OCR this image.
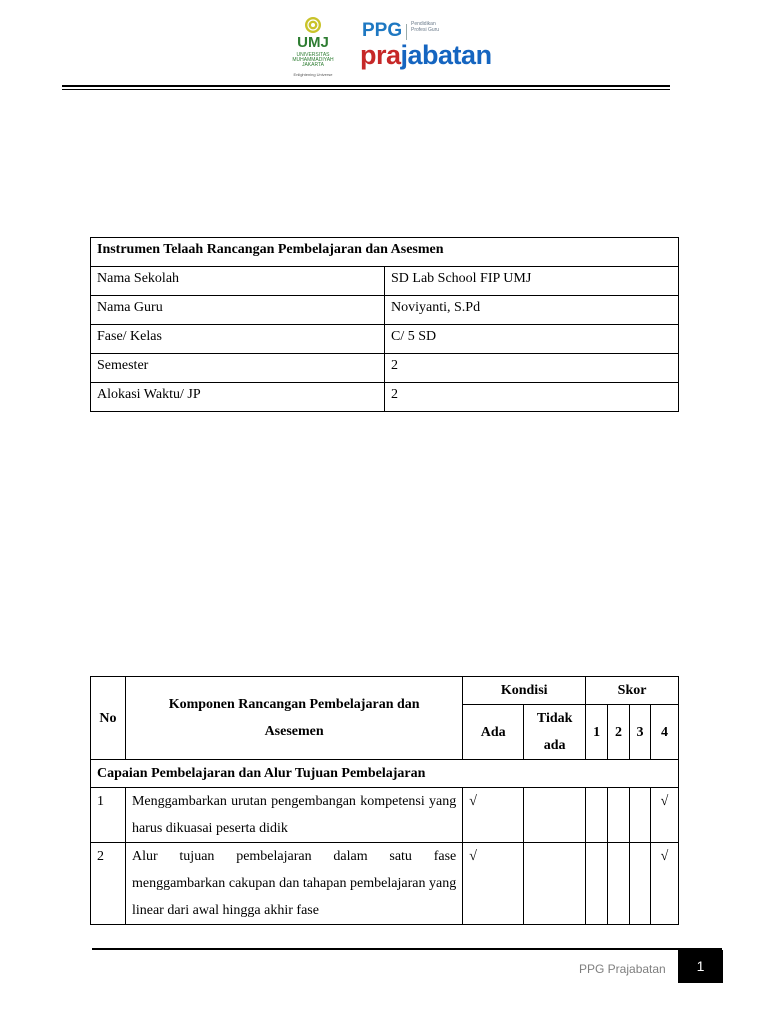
UMJ
UNIVERSITAS MUHAMMADIYAH JAKARTA
Enlightening Universe
PPG Pendidikan Profesi Guru
prajabatan
Instrumen Telaah Rancangan Pembelajaran dan Asesmen	
Nama Sekolah	SD Lab School FIP UMJ
Nama Guru	Noviyanti, S.Pd
Fase/ Kelas	C/ 5 SD
Semester	2
Alokasi Waktu/ JP	2
No	Komponen Rancangan Pembelajaran dan Asesemen	Kondisi		Skor			
		Ada	Tidak ada	1	2	3	4
Capaian Pembelajaran dan Alur Tujuan Pembelajaran							
1	Menggambarkan urutan pengembangan kompetensi yang harus dikuasai peserta didik	√					√
2	Alur tujuan pembelajaran dalam satu fase menggambarkan cakupan dan tahapan pembelajaran yang linear dari awal hingga akhir fase	√					√
PPG Prajabatan	1
